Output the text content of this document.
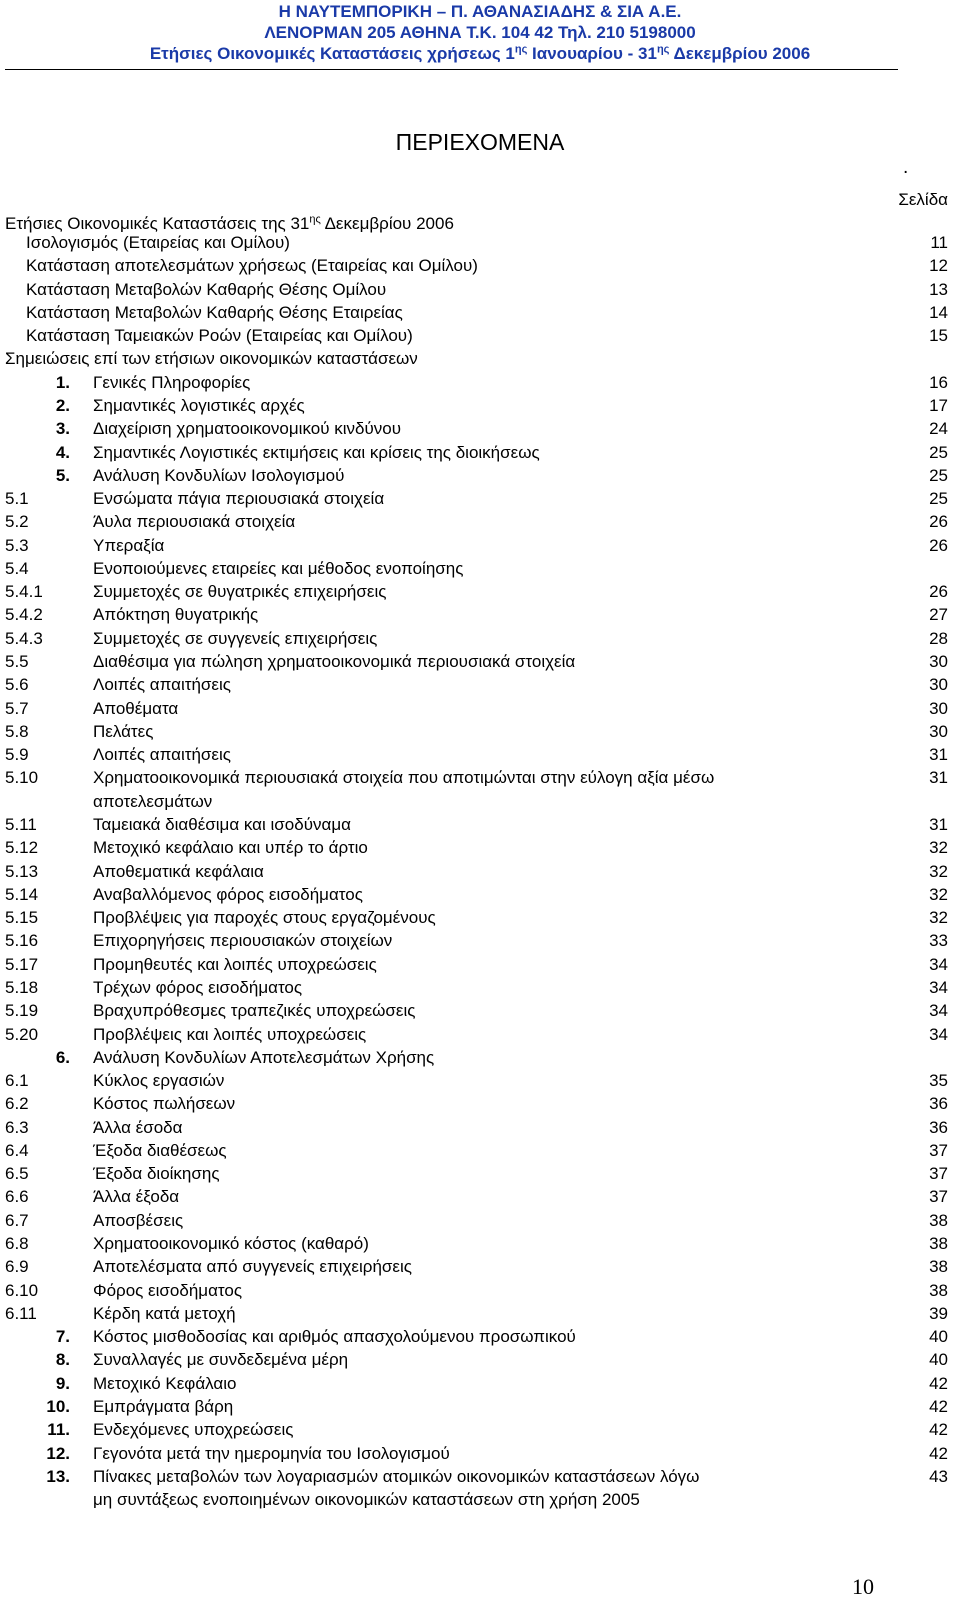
Η ΝΑΥΤΕΜΠΟΡΙΚΗ – Π. ΑΘΑΝΑΣΙΑΔΗΣ & ΣΙΑ Α.Ε.
ΛΕΝΟΡΜΑΝ 205 ΑΘΗΝΑ Τ.Κ. 104 42 Τηλ. 210 5198000
Ετήσιες Οικονομικές Καταστάσεις χρήσεως $1^{\eta\varsigma}$ Ιανουαρίου - $31^{\eta\varsigma}$ Δεκεμβρίου 2006
ΠΕΡΙΕΧΟΜΕΝΑ
.
Σελίδα
Ετήσιες Οικονομικές Καταστάσεις της $31^{\eta\varsigma}$ Δεκεμβρίου 2006
Ισολογισμός (Εταιρείας και Ομίλου)	11
Κατάσταση αποτελεσμάτων χρήσεως (Εταιρείας και Ομίλου)	12
Κατάσταση Μεταβολών Καθαρής Θέσης Ομίλου	13
Κατάσταση Μεταβολών Καθαρής Θέσης Εταιρείας	14
Κατάσταση Ταμειακών Ροών (Εταιρείας και Ομίλου)	15
Σημειώσεις επί των ετήσιων οικονομικών καταστάσεων
1. Γενικές Πληροφορίες	16
2. Σημαντικές λογιστικές αρχές	17
3. Διαχείριση χρηματοοικονομικού κινδύνου	24
4. Σημαντικές Λογιστικές εκτιμήσεις και κρίσεις της διοικήσεως	25
5. Ανάλυση Κονδυλίων Ισολογισμού	25
5.1	Ενσώματα πάγια περιουσιακά στοιχεία	25
5.2	Άυλα περιουσιακά στοιχεία	26
5.3	Υπεραξία	26
5.4	Ενοποιούμενες εταιρείες και μέθοδος ενοποίησης
5.4.1	Συμμετοχές σε θυγατρικές επιχειρήσεις	26
5.4.2	Απόκτηση θυγατρικής	27
5.4.3	Συμμετοχές σε συγγενείς επιχειρήσεις	28
5.5	Διαθέσιμα για πώληση χρηματοοικονομικά περιουσιακά στοιχεία	30
5.6	Λοιπές απαιτήσεις	30
5.7	Αποθέματα	30
5.8	Πελάτες	30
5.9	Λοιπές απαιτήσεις	31
5.10	Χρηματοοικονομικά περιουσιακά στοιχεία που αποτιμώνται στην εύλογη αξία μέσω	31
αποτελεσμάτων
5.11	Ταμειακά διαθέσιμα και ισοδύναμα	31
5.12	Μετοχικό κεφάλαιο και υπέρ το άρτιο	32
5.13	Αποθεματικά κεφάλαια	32
5.14	Αναβαλλόμενος φόρος εισοδήματος	32
5.15	Προβλέψεις για παροχές στους εργαζομένους	32
5.16	Επιχορηγήσεις περιουσιακών στοιχείων	33
5.17	Προμηθευτές και λοιπές υποχρεώσεις	34
5.18	Τρέχων φόρος εισοδήματος	34
5.19	Βραχυπρόθεσμες τραπεζικές υποχρεώσεις	34
5.20	Προβλέψεις και λοιπές υποχρεώσεις	34
6. Ανάλυση Κονδυλίων Αποτελεσμάτων Χρήσης
6.1	Κύκλος εργασιών	35
6.2	Κόστος πωλήσεων	36
6.3	Άλλα έσοδα	36
6.4	Έξοδα διαθέσεως	37
6.5	Έξοδα διοίκησης	37
6.6	Άλλα έξοδα	37
6.7	Αποσβέσεις	38
6.8	Χρηματοοικονομικό κόστος (καθαρό)	38
6.9	Αποτελέσματα από συγγενείς επιχειρήσεις	38
6.10	Φόρος εισοδήματος	38
6.11	Κέρδη κατά μετοχή	39
7. Κόστος μισθοδοσίας και αριθμός απασχολούμενου προσωπικού	40
8. Συναλλαγές με συνδεδεμένα μέρη	40
9. Μετοχικό Κεφάλαιο	42
10. Εμπράγματα βάρη	42
11. Ενδεχόμενες υποχρεώσεις	42
12. Γεγονότα μετά την ημερομηνία του Ισολογισμού	42
13. Πίνακες μεταβολών των λογαριασμών ατομικών οικονομικών καταστάσεων λόγω	43
μη συντάξεως ενοποιημένων οικονομικών καταστάσεων στη χρήση 2005
10
